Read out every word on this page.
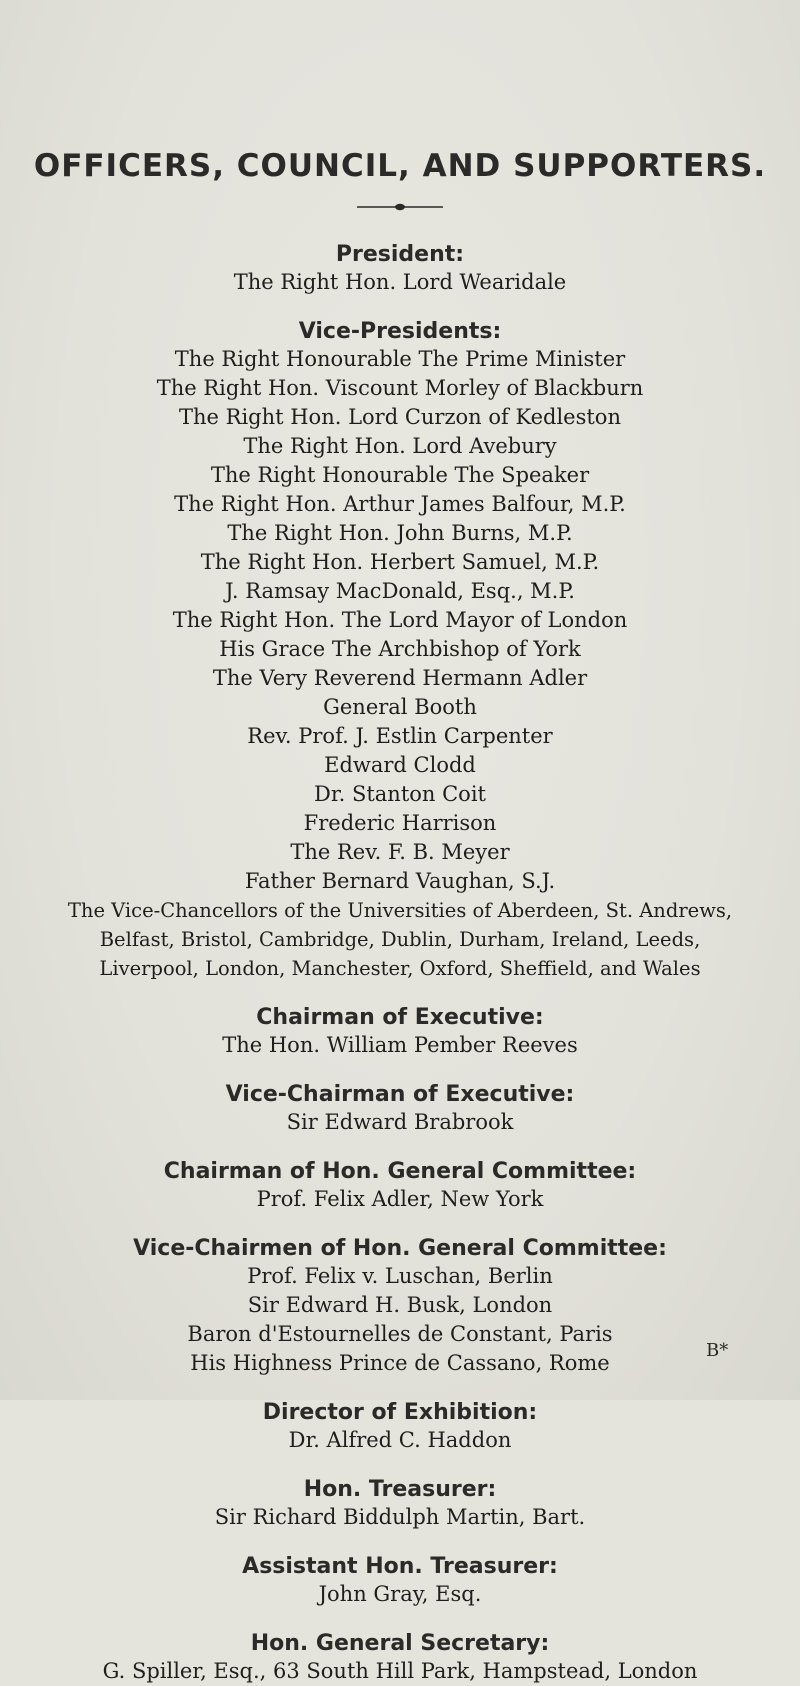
OFFICERS, COUNCIL, AND SUPPORTERS.

President:

The Right Hon. Lord Wearidale

Vice-Presidents:

The Right Honourable The Prime Minister

The Right Hon. Viscount Morley of Blackburn

The Right Hon. Lord Curzon of Kedleston

The Right Hon. Lord Avebury

The Right Honourable The Speaker

The Right Hon. Arthur James Balfour, M.P.

The Right Hon. John Burns, M.P.

The Right Hon. Herbert Samuel, M.P.

J. Ramsay MacDonald, Esq., M.P.

The Right Hon. The Lord Mayor of London

His Grace The Archbishop of York

The Very Reverend Hermann Adler

General Booth

Rev. Prof. J. Estlin Carpenter

Edward Clodd

Dr. Stanton Coit

Frederic Harrison

The Rev. F. B. Meyer

Father Bernard Vaughan, S.J.

The Vice-Chancellors of the Universities of Aberdeen, St. Andrews,

Belfast, Bristol, Cambridge, Dublin, Durham, Ireland, Leeds,

Liverpool, London, Manchester, Oxford, Sheffield, and Wales

Chairman of Executive:

The Hon. William Pember Reeves

Vice-Chairman of Executive:

Sir Edward Brabrook

Chairman of Hon. General Committee:

Prof. Felix Adler, New York

Vice-Chairmen of Hon. General Committee:

Prof. Felix v. Luschan, Berlin

Sir Edward H. Busk, London

Baron d'Estournelles de Constant, Paris

His Highness Prince de Cassano, Rome

Director of Exhibition:

Dr. Alfred C. Haddon

Hon. Treasurer:

Sir Richard Biddulph Martin, Bart.

Assistant Hon. Treasurer:

John Gray, Esq.

Hon. General Secretary:

G. Spiller, Esq., 63 South Hill Park, Hampstead, London

B*
